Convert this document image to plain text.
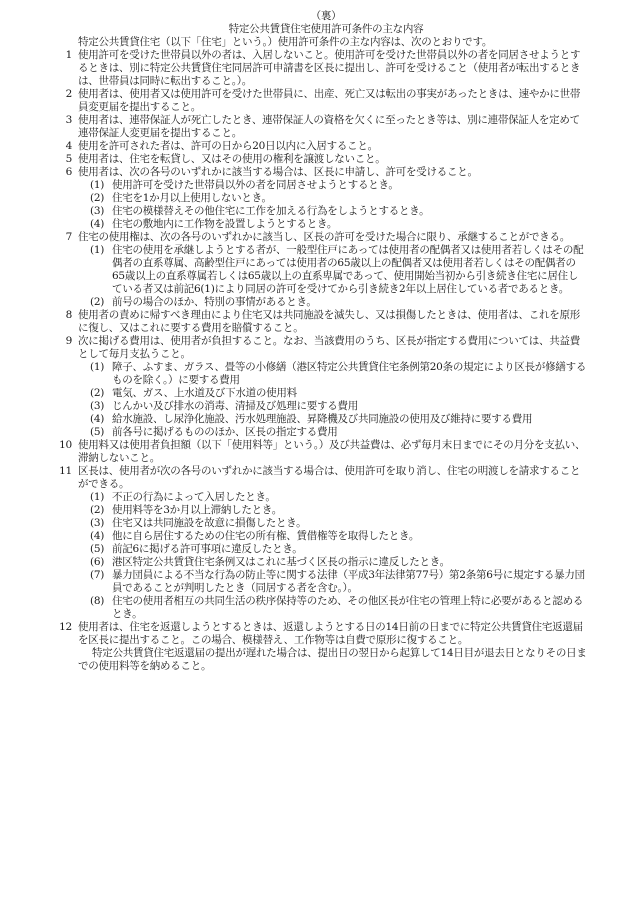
（裏）
特定公共賃貸住宅使用許可条件の主な内容

特定公共賃貸住宅（以下「住宅」という。）使用許可条件の主な内容は、次のとおりです。

1 使用許可を受けた世帯員以外の者は、入居しないこと。使用許可を受けた世帯員以外の者を同居させようとするときは、別に特定公共賃貸住宅同居許可申請書を区長に提出し、許可を受けること（使用者が転出するときは、世帯員は同時に転出すること。）。
2 使用者は、使用者又は使用許可を受けた世帯員に、出産、死亡又は転出の事実があったときは、速やかに世帯員変更届を提出すること。
3 使用者は、連帯保証人が死亡したとき、連帯保証人の資格を欠くに至ったとき等は、別に連帯保証人を定めて連帯保証人変更届を提出すること。
4 使用を許可された者は、許可の日から20日以内に入居すること。
5 使用者は、住宅を転貸し、又はその使用の権利を譲渡しないこと。
6 使用者は、次の各号のいずれかに該当する場合は、区長に申請し、許可を受けること。
(1) 使用許可を受けた世帯員以外の者を同居させようとするとき。
(2) 住宅を1か月以上使用しないとき。
(3) 住宅の模様替えその他住宅に工作を加える行為をしようとするとき。
(4) 住宅の敷地内に工作物を設置しようとするとき。
7 住宅の使用権は、次の各号のいずれかに該当し、区長の許可を受けた場合に限り、承継することができる。
(1) 住宅の使用を承継しようとする者が、一般型住戸にあっては使用者の配偶者又は使用者若しくはその配偶者の直系尊属、高齢型住戸にあっては使用者の65歳以上の配偶者又は使用者若しくはその配偶者の65歳以上の直系尊属若しくは65歳以上の直系卑属であって、使用開始当初から引き続き住宅に居住している者又は前記6(1)により同居の許可を受けてから引き続き2年以上居住している者であるとき。
(2) 前号の場合のほか、特別の事情があるとき。
8 使用者の責めに帰すべき理由により住宅又は共同施設を滅失し、又は損傷したときは、使用者は、これを原形に復し、又はこれに要する費用を賠償すること。
9 次に掲げる費用は、使用者が負担すること。なお、当該費用のうち、区長が指定する費用については、共益費として毎月支払うこと。
(1) 障子、ふすま、ガラス、畳等の小修繕（港区特定公共賃貸住宅条例第20条の規定により区長が修繕するものを除く。）に要する費用
(2) 電気、ガス、上水道及び下水道の使用料
(3) じんかい及び排水の消毒、清掃及び処理に要する費用
(4) 給水施設、し尿浄化施設、汚水処理施設、昇降機及び共同施設の使用及び維持に要する費用
(5) 前各号に掲げるもののほか、区長の指定する費用
10 使用料又は使用者負担額（以下「使用料等」という。）及び共益費は、必ず毎月末日までにその月分を支払い、滞納しないこと。
11 区長は、使用者が次の各号のいずれかに該当する場合は、使用許可を取り消し、住宅の明渡しを請求することができる。
(1) 不正の行為によって入居したとき。
(2) 使用料等を3か月以上滞納したとき。
(3) 住宅又は共同施設を故意に損傷したとき。
(4) 他に自ら居住するための住宅の所有権、賃借権等を取得したとき。
(5) 前記6に掲げる許可事項に違反したとき。
(6) 港区特定公共賃貸住宅条例又はこれに基づく区長の指示に違反したとき。
(7) 暴力団員による不当な行為の防止等に関する法律（平成3年法律第77号）第2条第6号に規定する暴力団員であることが判明したとき（同居する者を含む。）。
(8) 住宅の使用者相互の共同生活の秩序保持等のため、その他区長が住宅の管理上特に必要があると認めるとき。
12 使用者は、住宅を返還しようとするときは、返還しようとする日の14日前の日までに特定公共賃貸住宅返還届を区長に提出すること。この場合、模様替え、工作物等は自費で原形に復すること。
特定公共賃貸住宅返還届の提出が遅れた場合は、提出日の翌日から起算して14日目が退去日となりその日までの使用料等を納めること。
